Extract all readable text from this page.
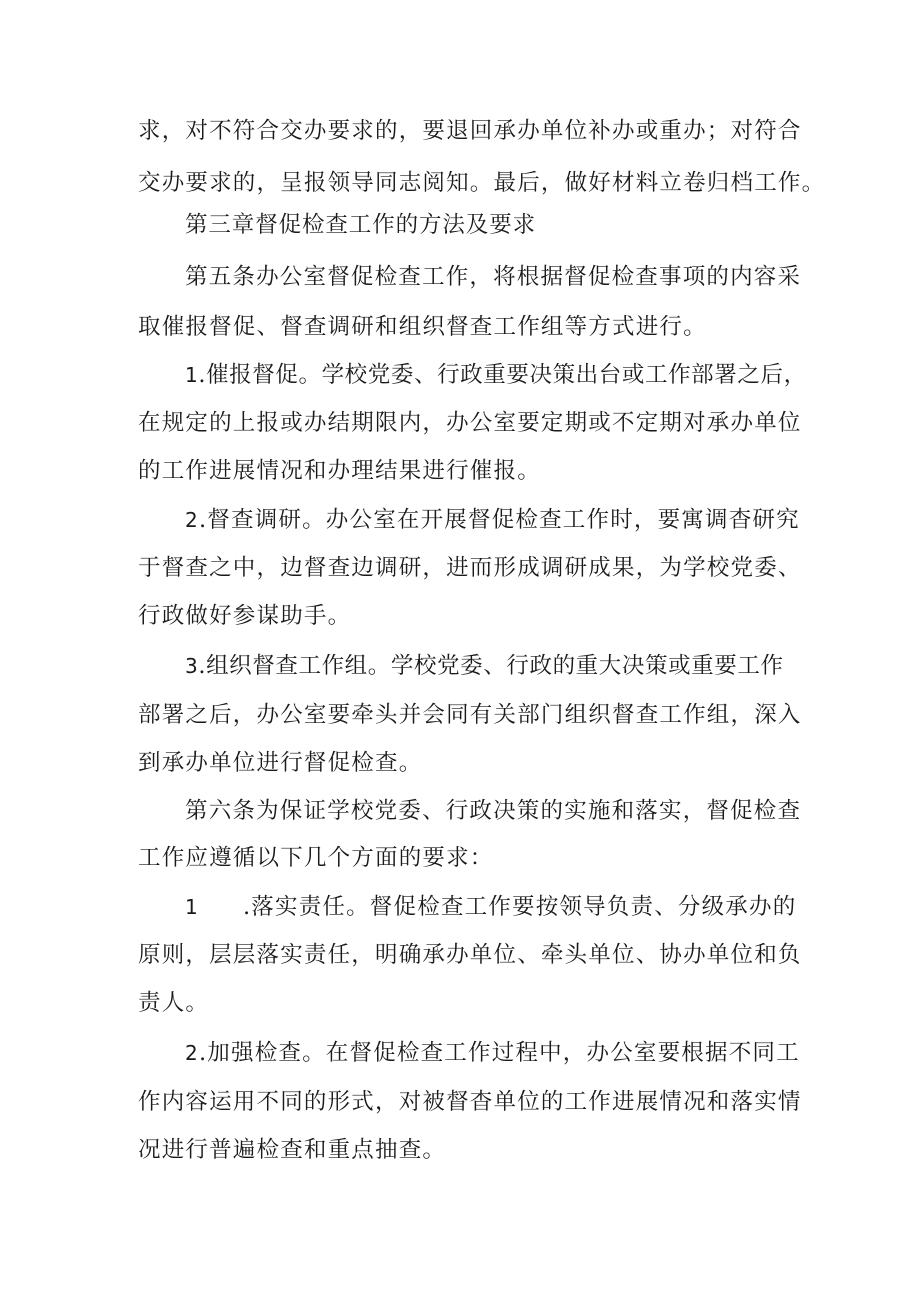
求，对不符合交办要求的，要退回承办单位补办或重办；对符合
交办要求的，呈报领导同志阅知。最后，做好材料立卷归档工作。
第三章督促检查工作的方法及要求
第五条办公室督促检查工作，将根据督促检查事项的内容采
取催报督促、督查调研和组织督查工作组等方式进行。
1.催报督促。学校党委、行政重要决策出台或工作部署之后，
在规定的上报或办结期限内，办公室要定期或不定期对承办单位
的工作进展情况和办理结果进行催报。
2.督查调研。办公室在开展督促检查工作时，要寓调杳研究
于督查之中，边督查边调研，进而形成调研成果，为学校党委、
行政做好参谋助手。
3.组织督查工作组。学校党委、行政的重大决策或重要工作
部署之后，办公室要牵头并会同有关部门组织督查工作组，深入
到承办单位进行督促检查。
第六条为保证学校党委、行政决策的实施和落实，督促检查
工作应遵循以下几个方面的要求：
1 .落实责任。督促检查工作要按领导负责、分级承办的
原则，层层落实责任，明确承办单位、牵头单位、协办单位和负
责人。
2.加强检查。在督促检查工作过程中，办公室要根据不同工
作内容运用不同的形式，对被督杳单位的工作进展情况和落实情
况进行普遍检查和重点抽查。
